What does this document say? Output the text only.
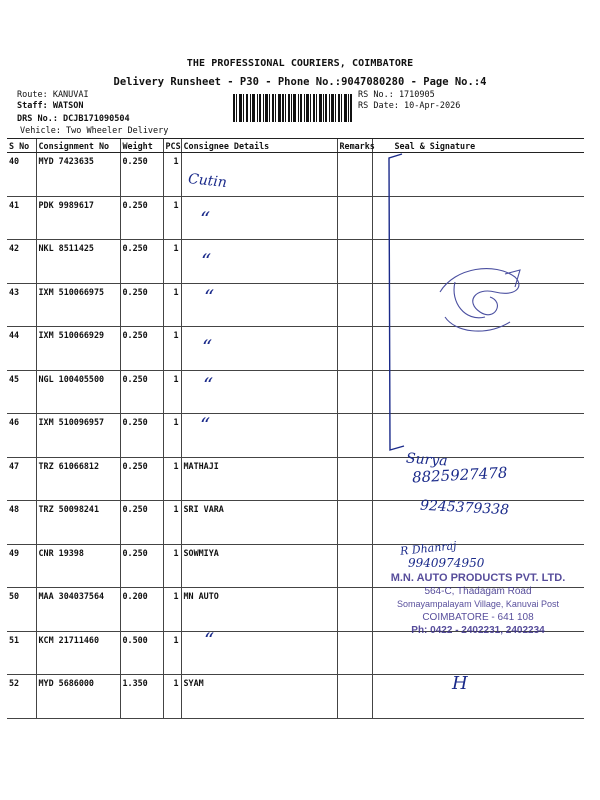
THE PROFESSIONAL COURIERS, COIMBATORE
Delivery Runsheet - P30 - Phone No.:9047080280 - Page No.:4
Route: KANUVAI
Staff: WATSON
DRS No.: DCJB171090504
Vehicle: Two Wheeler Delivery
RS No.: 1710905
RS Date: 10-Apr-2026
S No	Consignment No	Weight	PCS	Consignee Details	Remarks	Seal & Signature
40	MYD 7423635	0.250	1			
41	PDK 9989617	0.250	1			
42	NKL 8511425	0.250	1			
43	IXM 510066975	0.250	1			
44	IXM 510066929	0.250	1			
45	NGL 100405500	0.250	1			
46	IXM 510096957	0.250	1			
47	TRZ 61066812	0.250	1	MATHAJI		
48	TRZ 50098241	0.250	1	SRI VARA		
49	CNR 19398	0.250	1	SOWMIYA		
50	MAA 304037564	0.200	1	MN AUTO		
51	KCM 21711460	0.500	1			
52	MYD 5686000	1.350	1	SYAM		
Cutin
“
“
“
“
“
“
“
Surya
8825927478
9245379338
R Dhanraj
9940974950
H
M.N. AUTO PRODUCTS PVT. LTD.
564-C, Thadagam Road
Somayampalayam Village, Kanuvai Post
COIMBATORE - 641 108
Ph: 0422 - 2402231, 2402234
